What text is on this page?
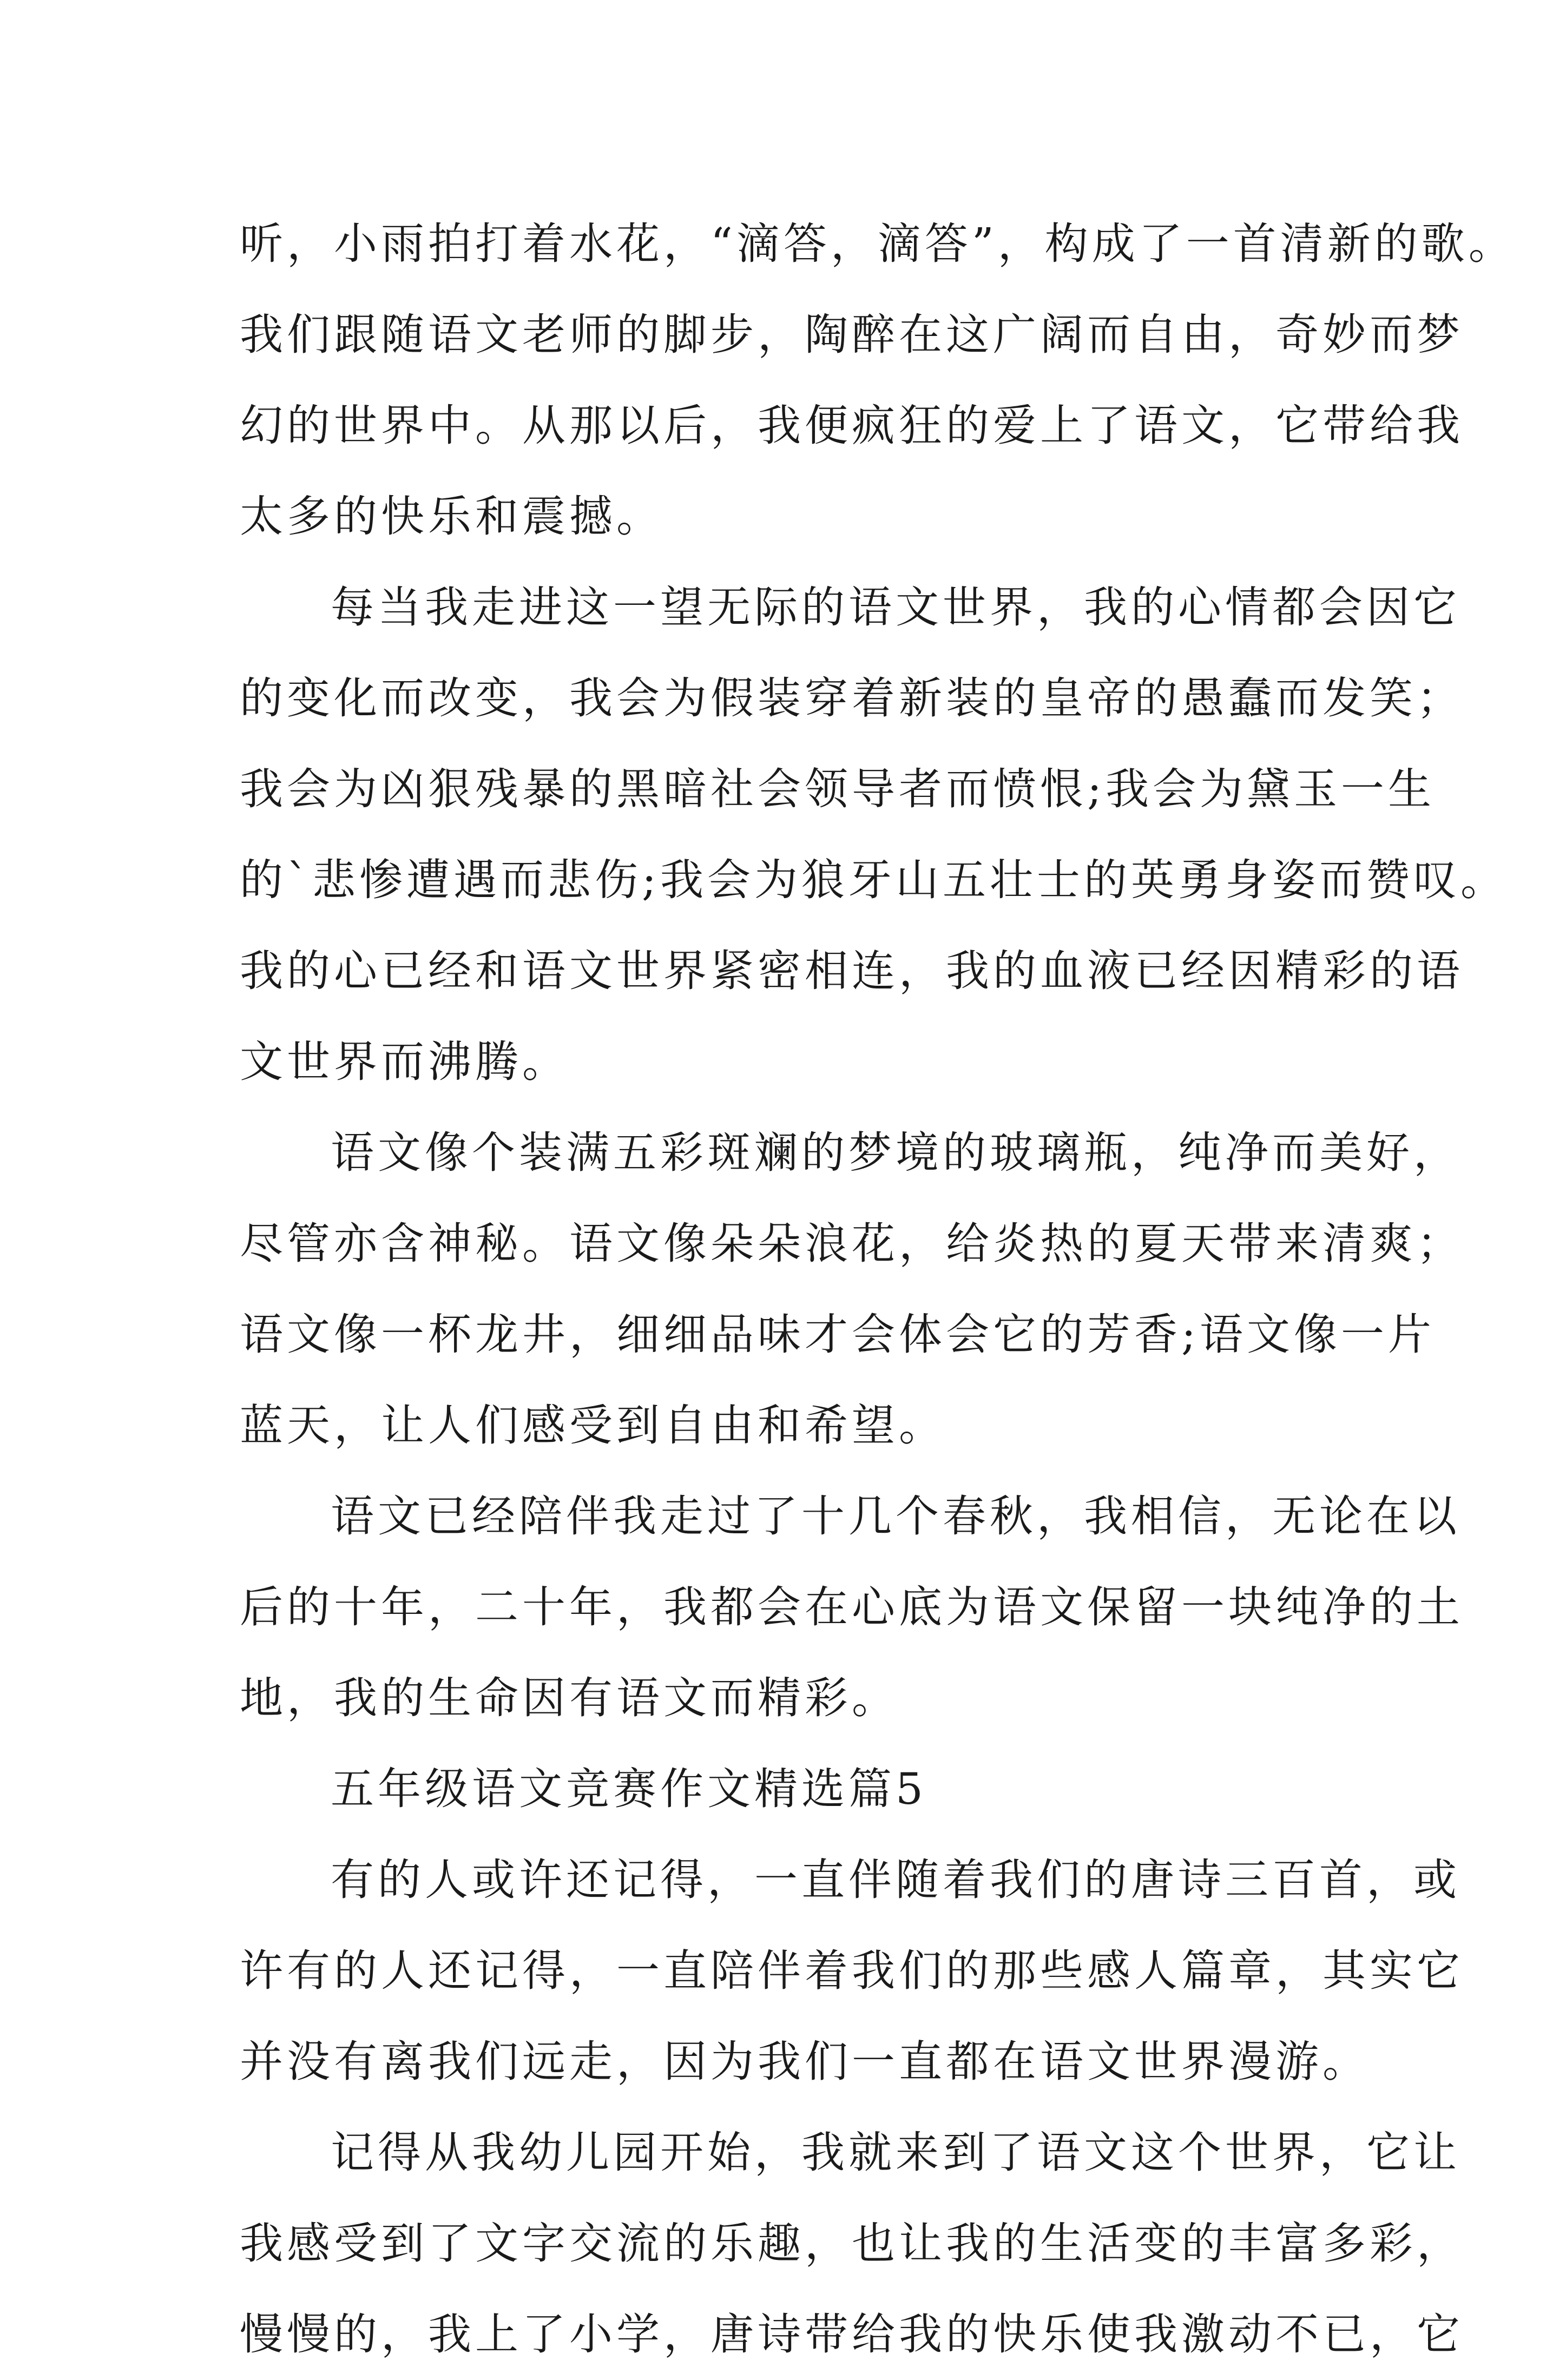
听，小雨拍打着水花，“滴答，滴答”，构成了一首清新的歌。
我们跟随语文老师的脚步，陶醉在这广阔而自由，奇妙而梦
幻的世界中。从那以后，我便疯狂的爱上了语文，它带给我
太多的快乐和震撼。
每当我走进这一望无际的语文世界，我的心情都会因它
的变化而改变，我会为假装穿着新装的皇帝的愚蠢而发笑；
我会为凶狠残暴的黑暗社会领导者而愤恨;我会为黛玉一生
的`悲惨遭遇而悲伤;我会为狼牙山五壮士的英勇身姿而赞叹。
我的心已经和语文世界紧密相连，我的血液已经因精彩的语
文世界而沸腾。
语文像个装满五彩斑斓的梦境的玻璃瓶，纯净而美好，
尽管亦含神秘。语文像朵朵浪花，给炎热的夏天带来清爽；
语文像一杯龙井，细细品味才会体会它的芳香;语文像一片
蓝天，让人们感受到自由和希望。
语文已经陪伴我走过了十几个春秋，我相信，无论在以
后的十年，二十年，我都会在心底为语文保留一块纯净的土
地，我的生命因有语文而精彩。
五年级语文竞赛作文精选篇5
有的人或许还记得，一直伴随着我们的唐诗三百首，或
许有的人还记得，一直陪伴着我们的那些感人篇章，其实它
并没有离我们远走，因为我们一直都在语文世界漫游。
记得从我幼儿园开始，我就来到了语文这个世界，它让
我感受到了文字交流的乐趣，也让我的生活变的丰富多彩，
慢慢的，我上了小学，唐诗带给我的快乐使我激动不已，它
